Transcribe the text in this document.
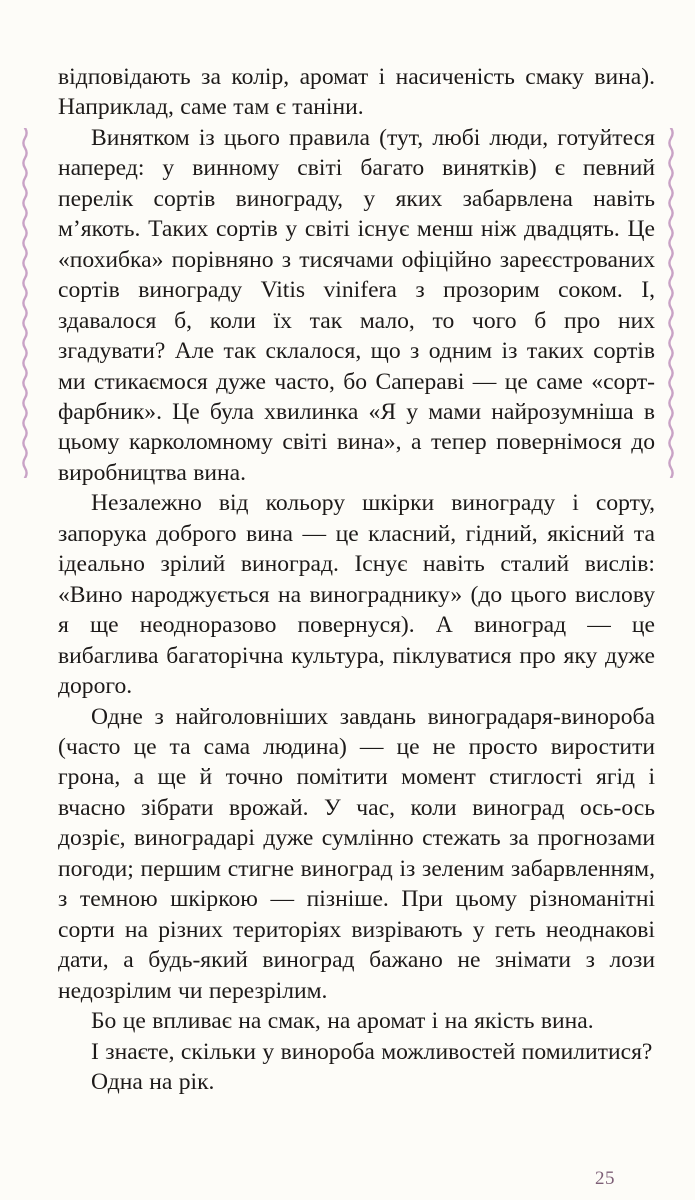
відповідають за колір, аромат і насиченість смаку вина). Наприклад, саме там є таніни.

Винятком із цього правила (тут, любі люди, готуйтеся наперед: у винному світі багато винятків) є певний перелік сортів винограду, у яких забарвлена навіть м’якоть. Таких сортів у світі існує менш ніж двадцять. Це «похибка» порівняно з тисячами офіційно зареєстрованих сортів винограду Vitis vinifera з прозорим соком. І, здавалося б, коли їх так мало, то чого б про них згадувати? Але так склалося, що з одним із таких сортів ми стикаємося дуже часто, бо Сапераві — це саме «сорт-фарбник». Це була хвилинка «Я у мами найрозумніша в цьому карколомному світі вина», а тепер повернімося до виробництва вина.

Незалежно від кольору шкірки винограду і сорту, запорука доброго вина — це класний, гідний, якісний та ідеально зрілий виноград. Існує навіть сталий вислів: «Вино народжується на винограднику» (до цього вислову я ще неодноразово повернуся). А виноград — це вибаглива багаторічна культура, піклуватися про яку дуже дорого.

Одне з найголовніших завдань виноградаря-винороба (часто це та сама людина) — це не просто виростити грона, а ще й точно помітити момент стиглості ягід і вчасно зібрати врожай. У час, коли виноград ось-ось дозріє, виноградарі дуже сумлінно стежать за прогнозами погоди; першим стигне виноград із зеленим забарвленням, з темною шкіркою — пізніше. При цьому різноманітні сорти на різних територіях визрівають у геть неоднакові дати, а будь-який виноград бажано не знімати з лози недозрілим чи перезрілим.

Бо це впливає на смак, на аромат і на якість вина.

І знаєте, скільки у винороба можливостей помилитися?

Одна на рік.

25
